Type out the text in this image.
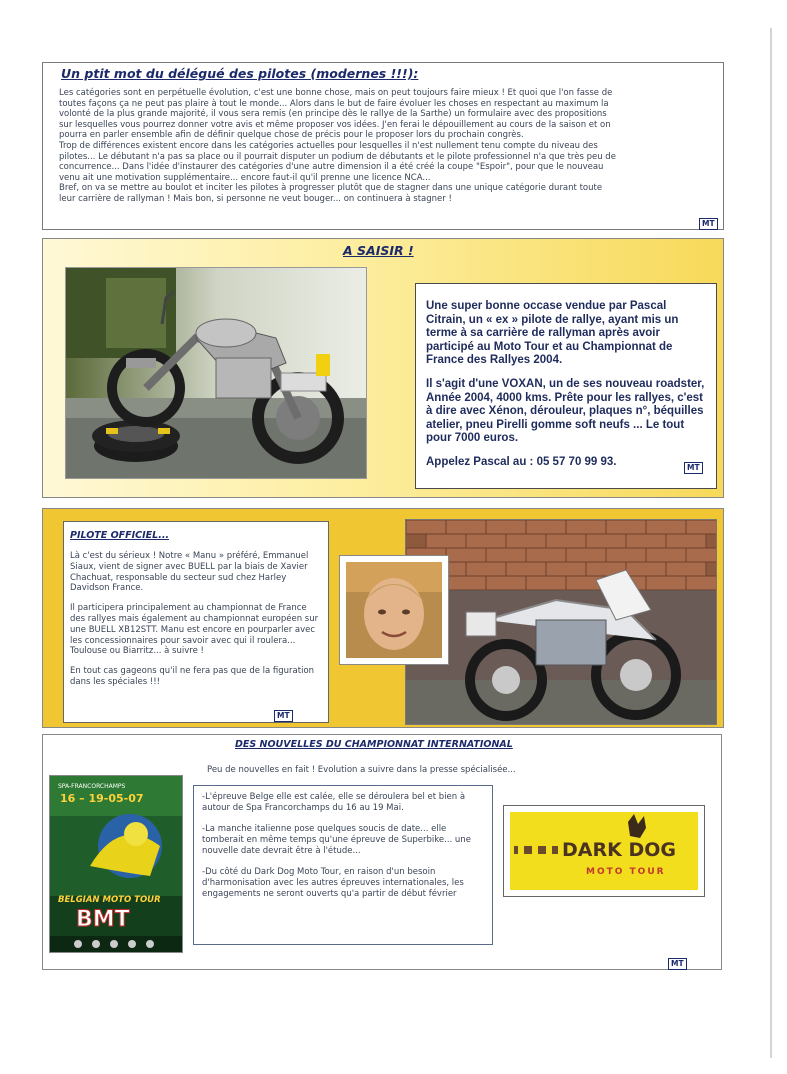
Un ptit mot du délégué des pilotes (modernes !!!):
Les catégories sont en perpétuelle évolution, c'est une bonne chose, mais on peut toujours faire mieux ! Et quoi que l'on fasse de
toutes façons ça ne peut pas plaire à tout le monde... Alors dans le but de faire évoluer les choses en respectant au maximum la
volonté de la plus grande majorité, il vous sera remis (en principe dès le rallye de la Sarthe) un formulaire avec des propositions
sur lesquelles vous pourrez donner votre avis et même proposer vos idées. J'en ferai le dépouillement au cours de la saison et on
pourra en parler ensemble afin de définir quelque chose de précis pour le proposer lors du prochain congrès.
Trop de différences existent encore dans les catégories actuelles pour lesquelles il n'est nullement tenu compte du niveau des
pilotes... Le débutant n'a pas sa place ou il pourrait disputer un podium de débutants et le pilote professionnel n'a que très peu de
concurrence... Dans l'idée d'instaurer des catégories d'une autre dimension il a été créé la coupe "Espoir", pour que le nouveau
venu ait une motivation supplémentaire... encore faut-il qu'il prenne une licence NCA...
Bref, on va se mettre au boulot et inciter les pilotes à progresser plutôt que de stagner dans une unique catégorie durant toute
leur carrière de rallyman ! Mais bon, si personne ne veut bouger... on continuera à stagner !
MT
A SAISIR !

Une super bonne occase vendue par Pascal Citrain, un « ex » pilote de rallye, ayant mis un terme à sa carrière de rallyman après avoir participé au Moto Tour et au Championnat de France des Rallyes 2004.

Il s'agit d'une VOXAN, un de ses nouveau roadster, Année 2004, 4000 kms. Prête pour les rallyes, c'est à dire avec Xénon, dérouleur, plaques n°, béquilles atelier, pneu Pirelli gomme soft neufs ... Le tout pour 7000 euros.

Appelez Pascal au : 05 57 70 99 93.	MT
PILOTE OFFICIEL...

Là c'est du sérieux ! Notre « Manu » préféré, Emmanuel Siaux, vient de signer avec BUELL par la biais de Xavier Chachuat, responsable du secteur sud chez Harley Davidson France.

Il participera principalement au championnat de France des rallyes mais également au championnat européen sur une BUELL XB12STT. Manu est encore en pourparler avec les concessionnaires pour savoir avec qui il roulera... Toulouse ou Biarritz... à suivre !

En tout cas gageons qu'il ne fera pas que de la figuration dans les spéciales !!!

MT
DES NOUVELLES DU CHAMPIONNAT INTERNATIONAL
Peu de nouvelles en fait ! Evolution a suivre dans la presse spécialisée...
SPA-FRANCORCHAMPS
16 – 19-05-07
BELGIAN MOTO TOUR
BMT

-L'épreuve Belge elle est calée, elle se déroulera bel et bien à autour de Spa Francorchamps du 16 au 19 Mai.

-La manche italienne pose quelques soucis de date... elle tomberait en même temps qu'une épreuve de Superbike... une nouvelle date devrait être à l'étude...

-Du côté du Dark Dog Moto Tour, en raison d'un besoin d'harmonisation avec les autres épreuves internationales, les engagements ne seront ouverts qu'a partir de début février

DARK DOG
MOTO TOUR
MT
